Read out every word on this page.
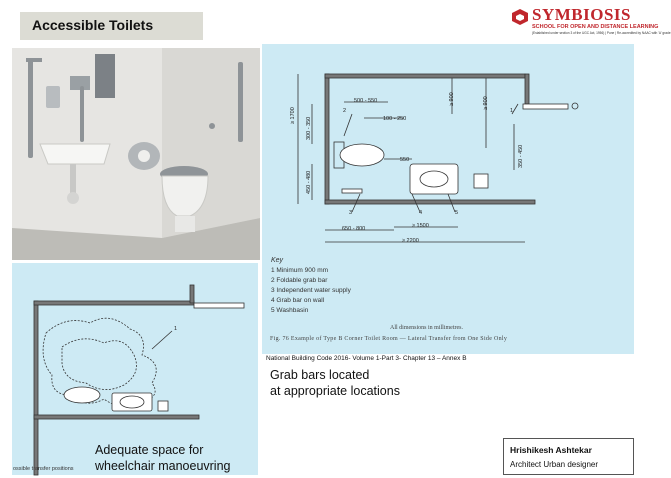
Accessible Toilets
SYMBIOSIS
SCHOOL FOR OPEN AND DISTANCE LEARNING
(Established under section 3 of the UGC Act, 1956) | Pune | Re-accredited by NAAC with 'A' grade
500 - 550
100 - 250
550
650 - 800	≥ 1500
≥ 2200
≥ 900	≥ 900
≥ 1700
300 - 350
450 - 480
350 - 450
2	1
3	4	5
Key
1 Minimum 900 mm
2 Foldable grab bar
3 Independent water supply
4 Grab bar on wall
5 Washbasin
All dimensions in millimetres.
Fig. 76 Example of Type B Corner Toilet Room — Lateral Transfer from One Side Only
1
National Building Code 2016- Volume 1-Part 3- Chapter 13 – Annex B
Grab bars located
at appropriate locations
Adequate space for
wheelchair manoeuvring
ossible transfer positions
Hrishikesh Ashtekar
Architect Urban designer
